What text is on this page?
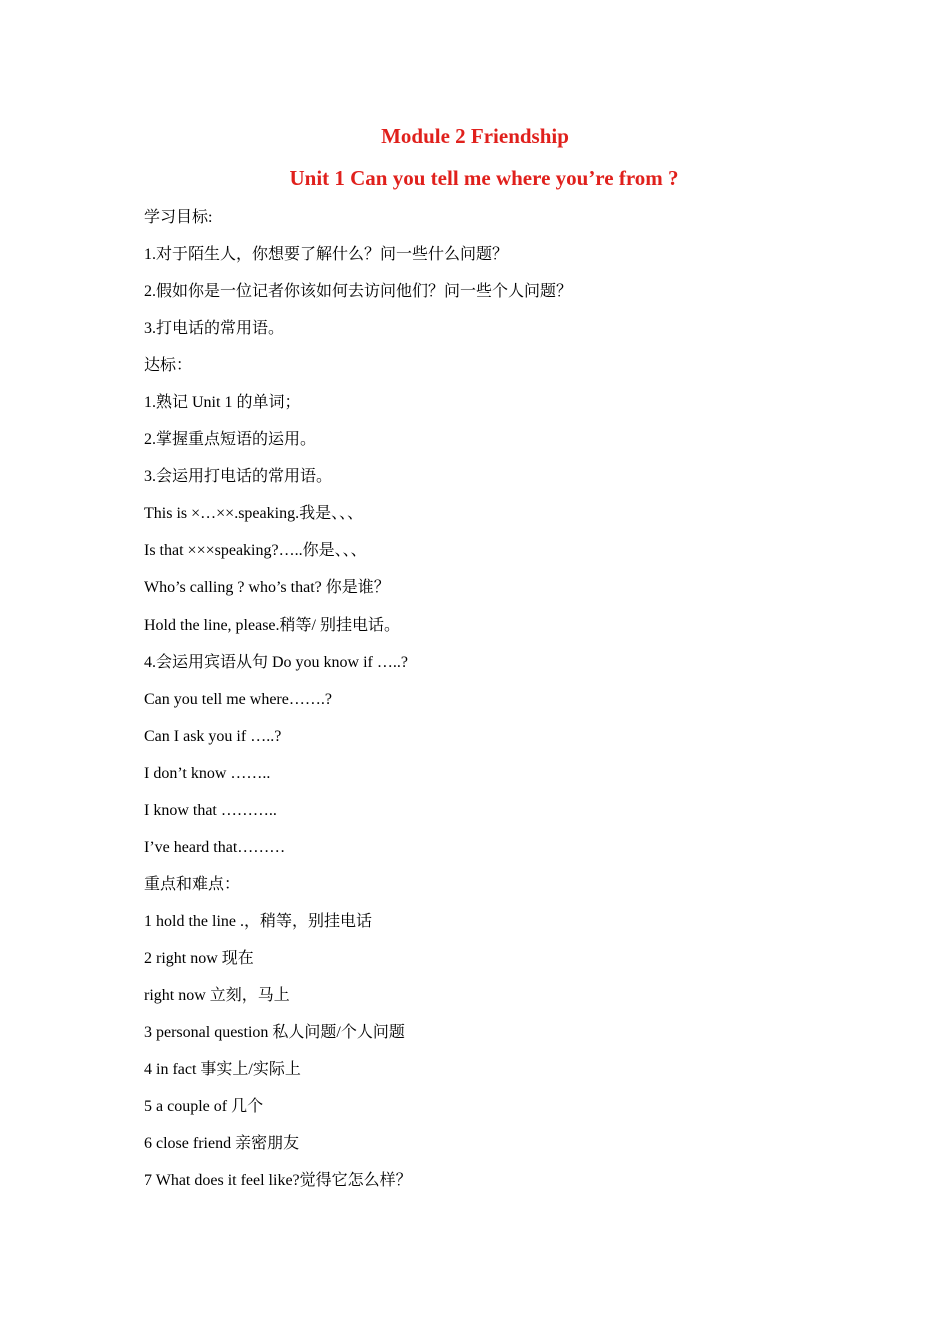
Module 2 Friendship
Unit 1 Can you tell me where you’re from ?
学习目标:
1.对于陌生人，你想要了解什么？问一些什么问题？
2.假如你是一位记者你该如何去访问他们？问一些个人问题？
3.打电话的常用语。
达标：
1.熟记 Unit 1 的单词；
2.掌握重点短语的运用。
3.会运用打电话的常用语。
This is ×…××.speaking.我是、、、
Is that ×××speaking?…..你是、、、
Who’s calling ? who’s that? 你是谁？
Hold the line, please.稍等/ 别挂电话。
4.会运用宾语从句 Do you know if …..?
Can you tell me where…….?
Can I ask you if …..?
I don’t know ……..
I know that ………..
I’ve heard that………
重点和难点：
1 hold the line .，稍等，别挂电话
2 right now 现在
right now 立刻，马上
3 personal question 私人问题/个人问题
4 in fact 事实上/实际上
5 a couple of 几个
6 close friend 亲密朋友
7 What does it feel like?觉得它怎么样？
